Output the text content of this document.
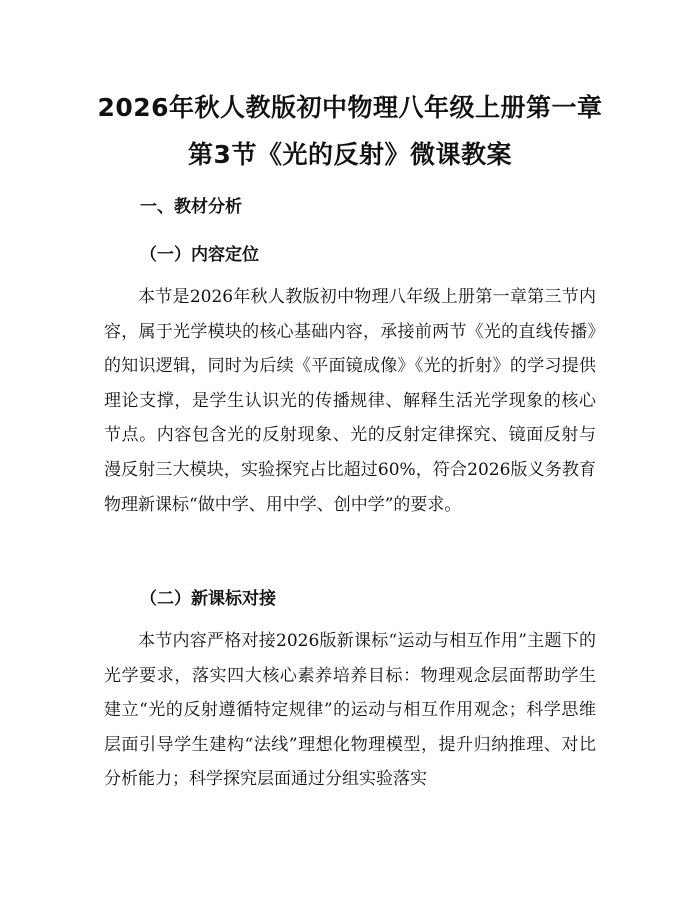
2026年秋人教版初中物理八年级上册第一章
第3节《光的反射》微课教案
一、教材分析
（一）内容定位

本节是2026年秋人教版初中物理八年级上册第一章第三节内容，属于光学模块的核心基础内容，承接前两节《光的直线传播》的知识逻辑，同时为后续《平面镜成像》《光的折射》的学习提供理论支撑，是学生认识光的传播规律、解释生活光学现象的核心节点。内容包含光的反射现象、光的反射定律探究、镜面反射与漫反射三大模块，实验探究占比超过60%，符合2026版义务教育物理新课标“做中学、用中学、创中学”的要求。

（二）新课标对接

本节内容严格对接2026版新课标“运动与相互作用”主题下的光学要求，落实四大核心素养培养目标：物理观念层面帮助学生建立“光的反射遵循特定规律”的运动与相互作用观念；科学思维层面引导学生建构“法线”理想化物理模型，提升归纳推理、对比分析能力；科学探究层面通过分组实验落实
